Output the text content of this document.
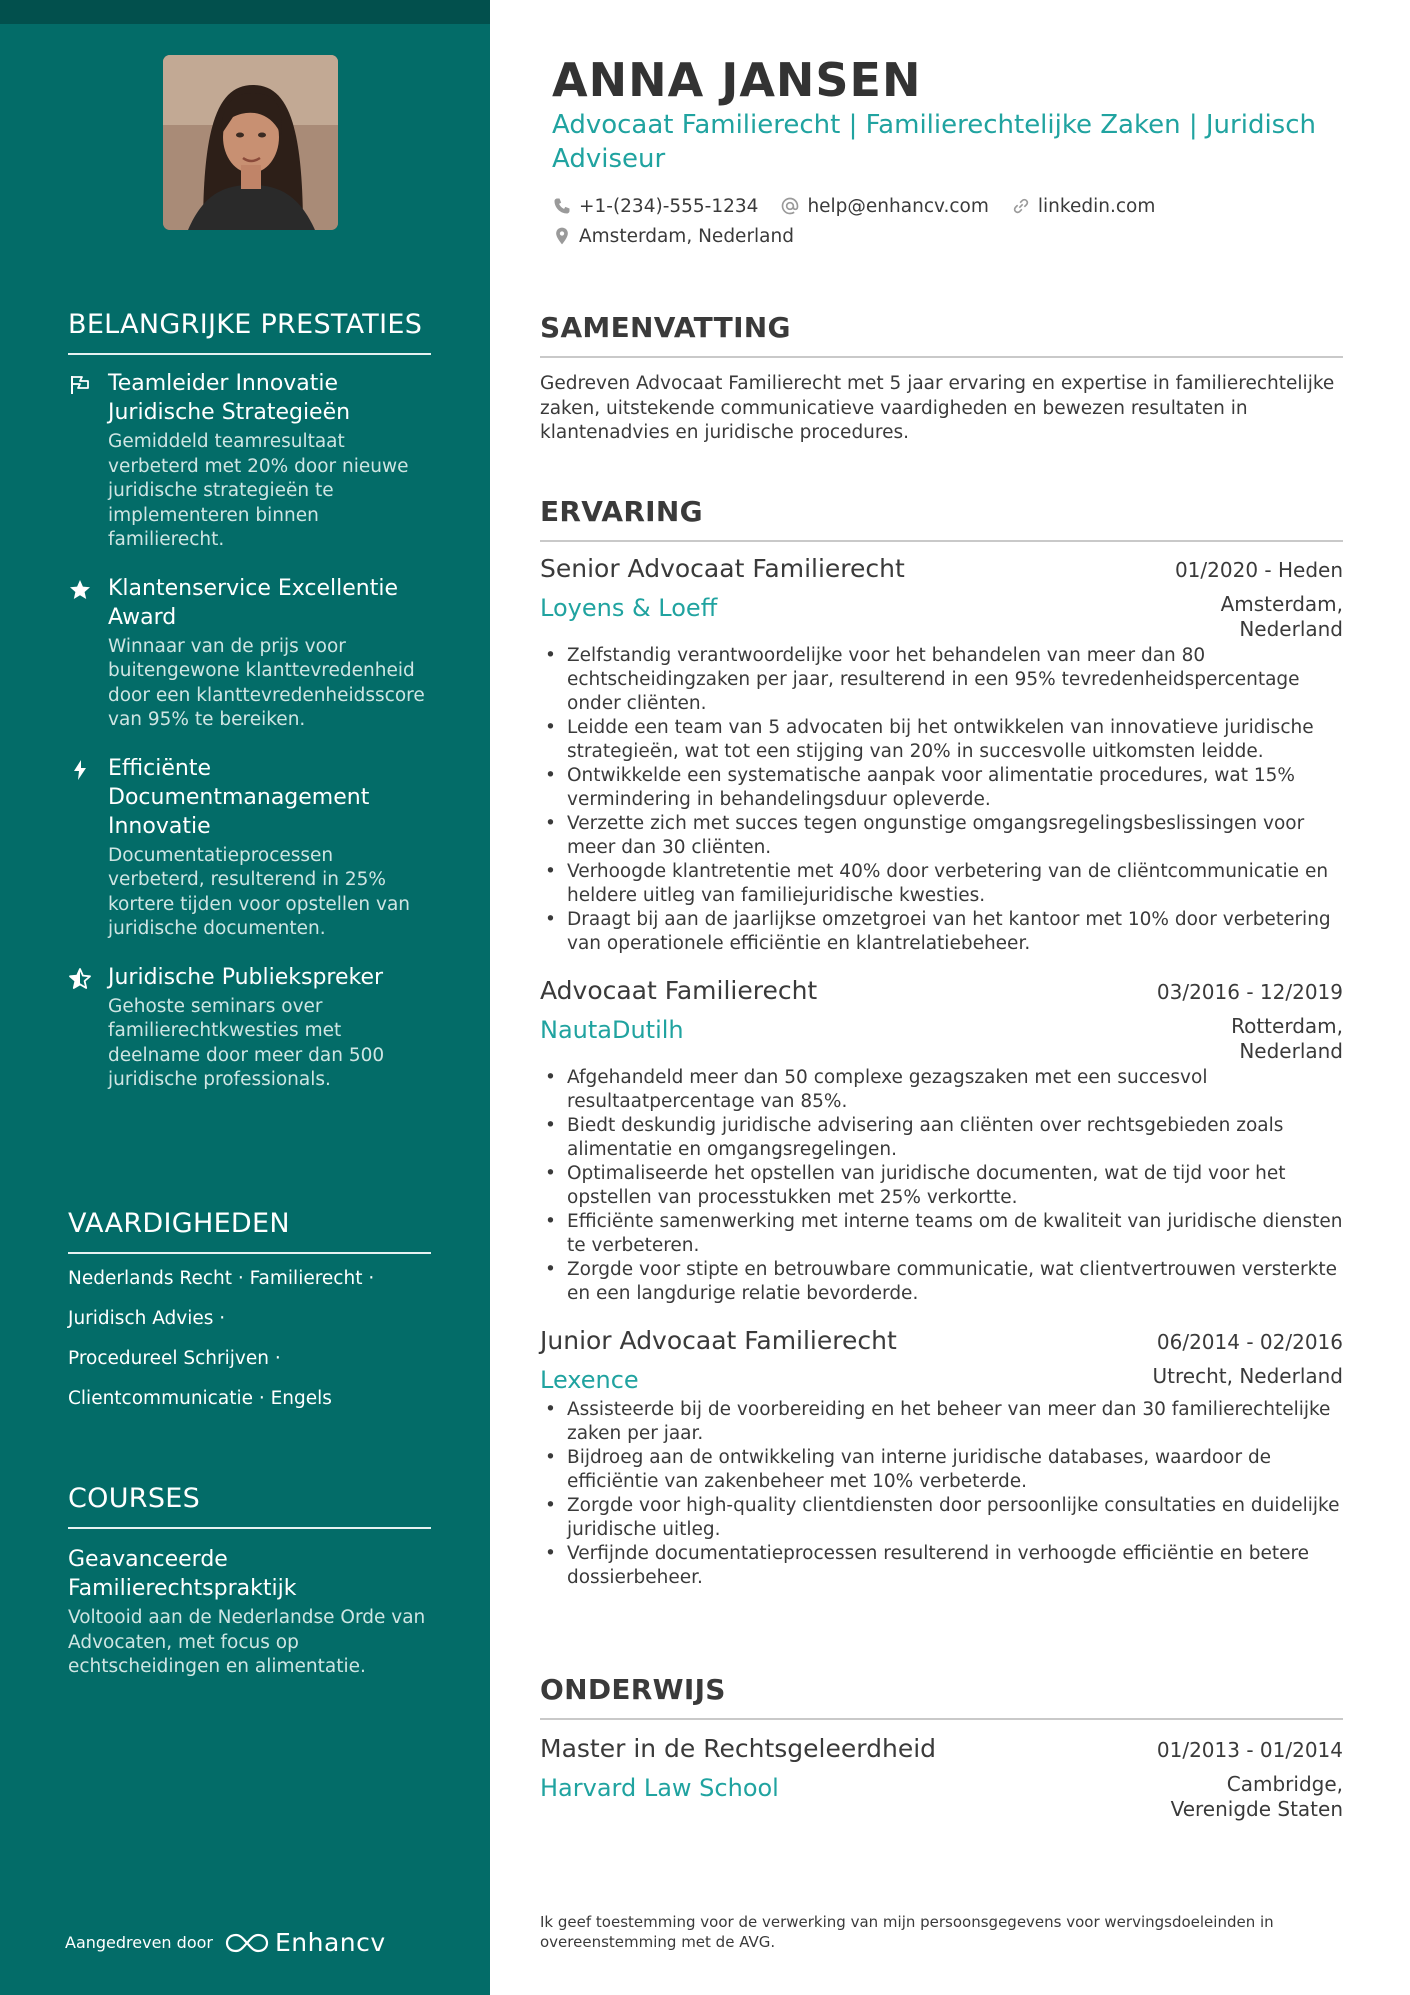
BELANGRIJKE PRESTATIES
Teamleider Innovatie Juridische Strategieën
Gemiddeld teamresultaat verbeterd met 20% door nieuwe juridische strategieën te implementeren binnen familierecht.
Klantenservice Excellentie Award
Winnaar van de prijs voor buitengewone klanttevredenheid door een klanttevredenheidsscore van 95% te bereiken.
Efficiënte Documentmanagement Innovatie
Documentatieprocessen verbeterd, resulterend in 25% kortere tijden voor opstellen van juridische documenten.
Juridische Publiekspreker
Gehoste seminars over familierechtkwesties met deelname door meer dan 500 juridische professionals.
VAARDIGHEDEN
Nederlands Recht · Familierecht ·
Juridisch Advies ·
Procedureel Schrijven ·
Clientcommunicatie · Engels
COURSES
Geavanceerde Familierechtspraktijk
Voltooid aan de Nederlandse Orde van Advocaten, met focus op echtscheidingen en alimentatie.
Aangedreven door Enhancv
ANNA JANSEN
Advocaat Familierecht | Familierechtelijke Zaken | Juridisch Adviseur
+1-(234)-555-1234	help@enhancv.com	linkedin.com
Amsterdam, Nederland
SAMENVATTING

Gedreven Advocaat Familierecht met 5 jaar ervaring en expertise in familierechtelijke zaken, uitstekende communicatieve vaardigheden en bewezen resultaten in klantenadvies en juridische procedures.

ERVARING
Senior Advocaat Familierecht	01/2020 - Heden
Loyens & Loeff	Amsterdam, Nederland
• Zelfstandig verantwoordelijke voor het behandelen van meer dan 80 echtscheidingzaken per jaar, resulterend in een 95% tevredenheidspercentage onder cliënten.
• Leidde een team van 5 advocaten bij het ontwikkelen van innovatieve juridische strategieën, wat tot een stijging van 20% in succesvolle uitkomsten leidde.
• Ontwikkelde een systematische aanpak voor alimentatie procedures, wat 15% vermindering in behandelingsduur opleverde.
• Verzette zich met succes tegen ongunstige omgangsregelingsbeslissingen voor meer dan 30 cliënten.
• Verhoogde klantretentie met 40% door verbetering van de cliëntcommunicatie en heldere uitleg van familiejuridische kwesties.
• Draagt bij aan de jaarlijkse omzetgroei van het kantoor met 10% door verbetering van operationele efficiëntie en klantrelatiebeheer.
Advocaat Familierecht	03/2016 - 12/2019
NautaDutilh	Rotterdam, Nederland
• Afgehandeld meer dan 50 complexe gezagszaken met een succesvol resultaatpercentage van 85%.
• Biedt deskundig juridische advisering aan cliënten over rechtsgebieden zoals alimentatie en omgangsregelingen.
• Optimaliseerde het opstellen van juridische documenten, wat de tijd voor het opstellen van processtukken met 25% verkortte.
• Efficiënte samenwerking met interne teams om de kwaliteit van juridische diensten te verbeteren.
• Zorgde voor stipte en betrouwbare communicatie, wat clientvertrouwen versterkte en een langdurige relatie bevorderde.
Junior Advocaat Familierecht	06/2014 - 02/2016
Lexence	Utrecht, Nederland
• Assisteerde bij de voorbereiding en het beheer van meer dan 30 familierechtelijke zaken per jaar.
• Bijdroeg aan de ontwikkeling van interne juridische databases, waardoor de efficiëntie van zakenbeheer met 10% verbeterde.
• Zorgde voor high-quality clientdiensten door persoonlijke consultaties en duidelijke juridische uitleg.
• Verfijnde documentatieprocessen resulterend in verhoogde efficiëntie en betere dossierbeheer.
ONDERWIJS
Master in de Rechtsgeleerdheid	01/2013 - 01/2014
Harvard Law School	Cambridge, Verenigde Staten
Ik geef toestemming voor de verwerking van mijn persoonsgegevens voor wervingsdoeleinden in overeenstemming met de AVG.
